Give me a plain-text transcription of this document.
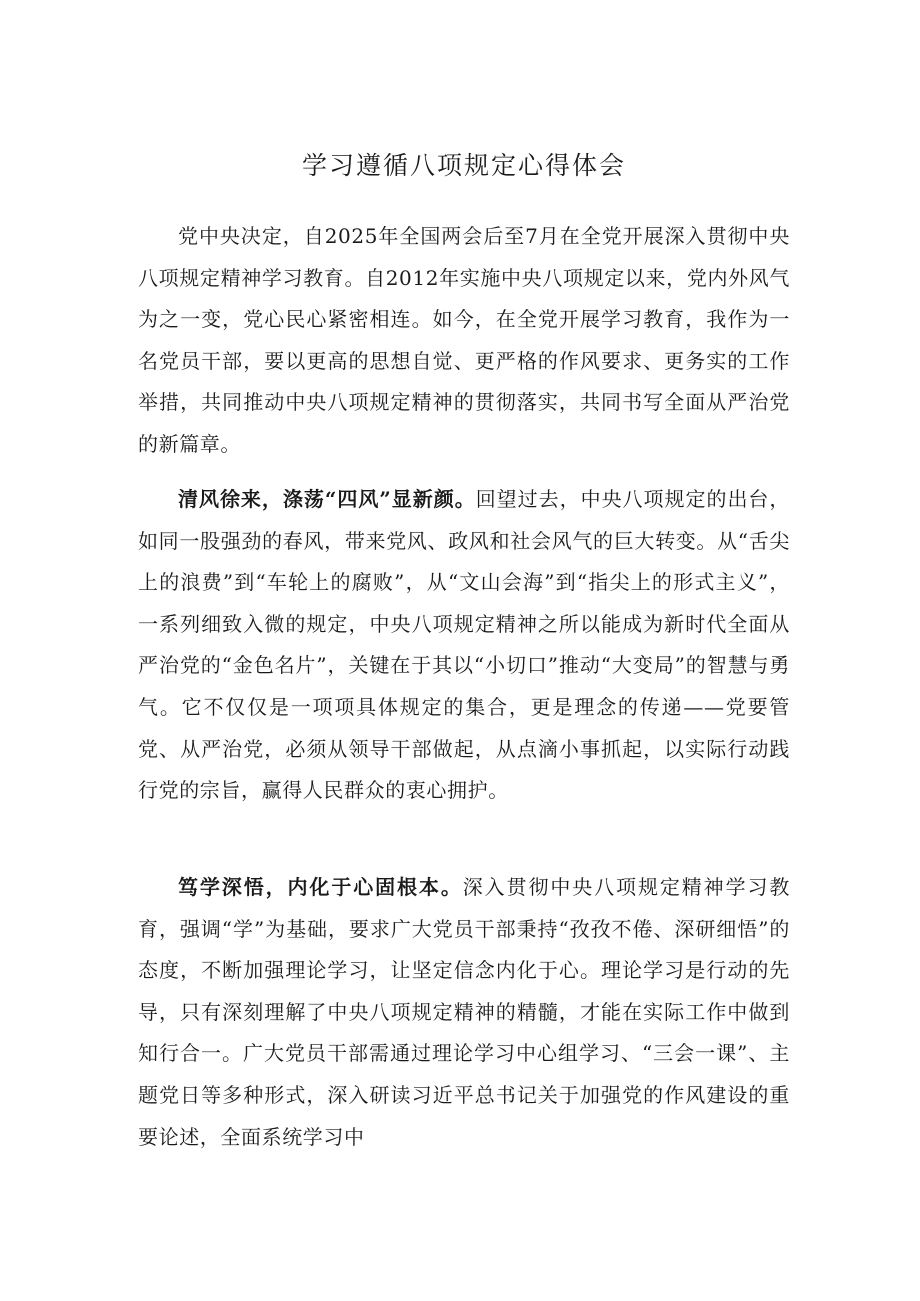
学习遵循八项规定心得体会

党中央决定，自2025年全国两会后至7月在全党开展深入贯彻中央八项规定精神学习教育。自2012年实施中央八项规定以来，党内外风气为之一变，党心民心紧密相连。如今，在全党开展学习教育，我作为一名党员干部，要以更高的思想自觉、更严格的作风要求、更务实的工作举措，共同推动中央八项规定精神的贯彻落实，共同书写全面从严治党的新篇章。

清风徐来，涤荡“四风”显新颜。回望过去，中央八项规定的出台，如同一股强劲的春风，带来党风、政风和社会风气的巨大转变。从“舌尖上的浪费”到“车轮上的腐败”，从“文山会海”到“指尖上的形式主义”，一系列细致入微的规定，中央八项规定精神之所以能成为新时代全面从严治党的“金色名片”，关键在于其以“小切口”推动“大变局”的智慧与勇气。它不仅仅是一项项具体规定的集合，更是理念的传递——党要管党、从严治党，必须从领导干部做起，从点滴小事抓起，以实际行动践行党的宗旨，赢得人民群众的衷心拥护。

笃学深悟，内化于心固根本。深入贯彻中央八项规定精神学习教育，强调“学”为基础，要求广大党员干部秉持“孜孜不倦、深研细悟”的态度，不断加强理论学习，让坚定信念内化于心。理论学习是行动的先导，只有深刻理解了中央八项规定精神的精髓，才能在实际工作中做到知行合一。广大党员干部需通过理论学习中心组学习、“三会一课”、主题党日等多种形式，深入研读习近平总书记关于加强党的作风建设的重要论述，全面系统学习中
